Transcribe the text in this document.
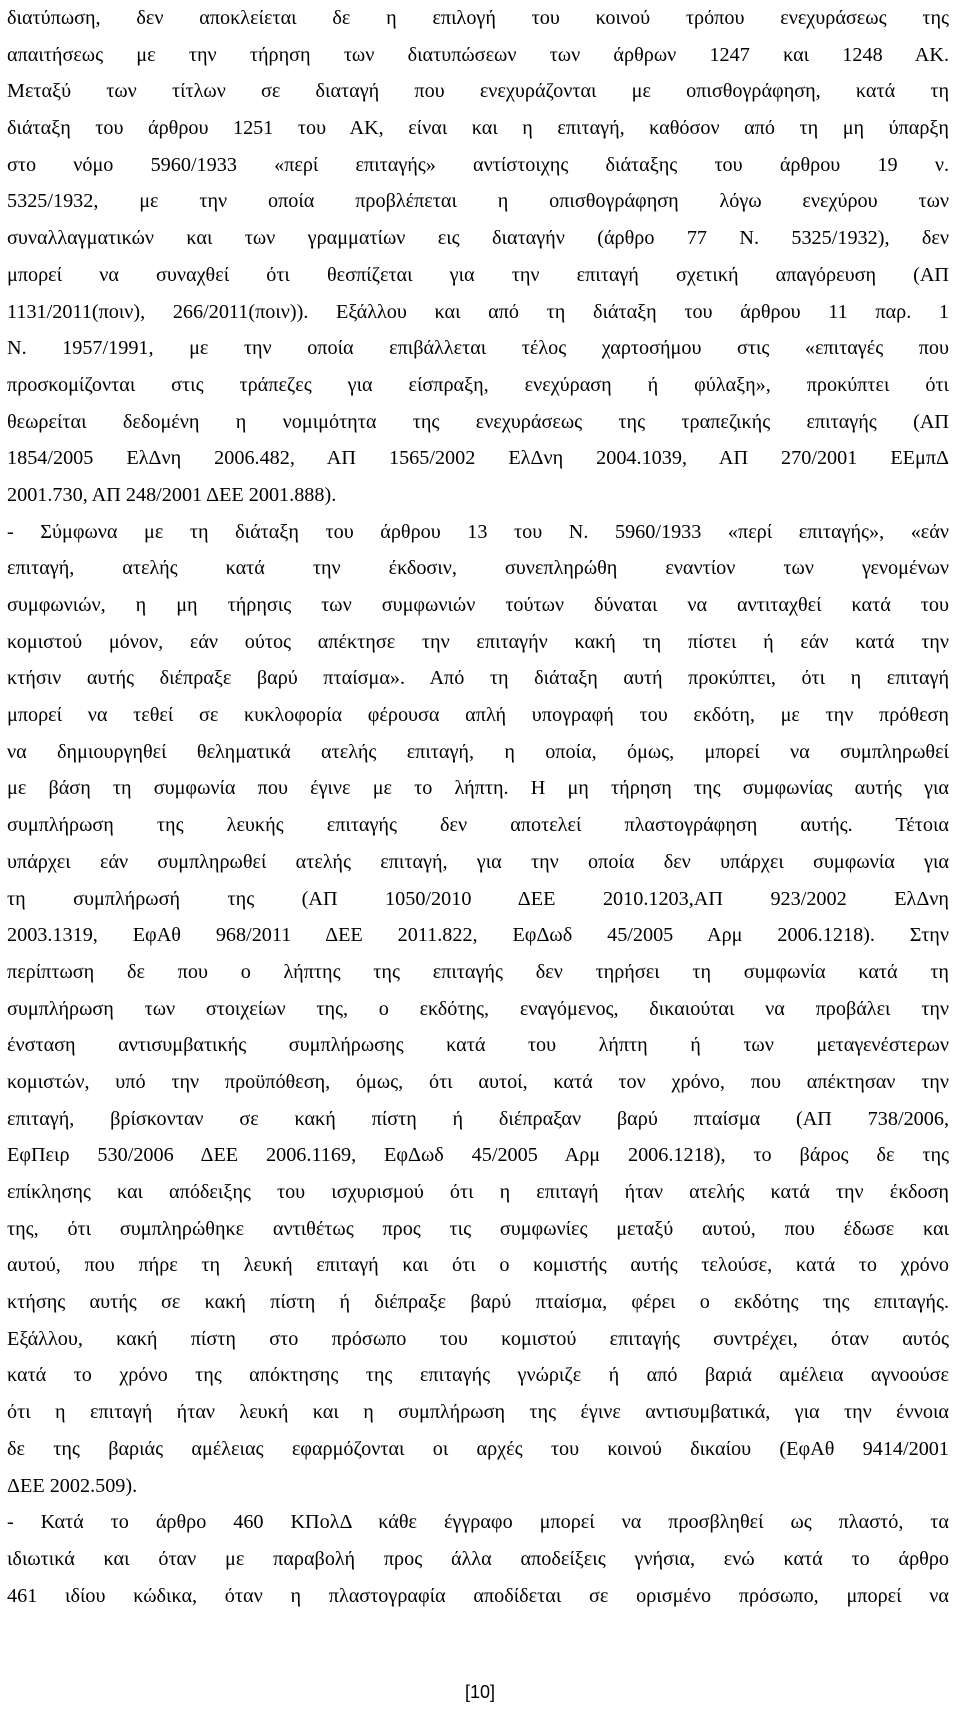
διατύπωση, δεν αποκλείεται δε η επιλογή του κοινού τρόπου ενεχυράσεως της
απαιτήσεως με την τήρηση των διατυπώσεων των άρθρων 1247 και 1248 ΑΚ.
Μεταξύ των τίτλων σε διαταγή που ενεχυράζονται με οπισθογράφηση, κατά τη
διάταξη του άρθρου 1251 του ΑΚ, είναι και η επιταγή, καθόσον από τη μη ύπαρξη
στο νόμο 5960/1933 «περί επιταγής» αντίστοιχης διάταξης του άρθρου 19 ν.
5325/1932, με την οποία προβλέπεται η οπισθογράφηση λόγω ενεχύρου των
συναλλαγματικών και των γραμματίων εις διαταγήν (άρθρο 77 Ν. 5325/1932), δεν
μπορεί να συναχθεί ότι θεσπίζεται για την επιταγή σχετική απαγόρευση (ΑΠ
1131/2011(ποιν), 266/2011(ποιν)). Εξάλλου και από τη διάταξη του άρθρου 11 παρ. 1
Ν. 1957/1991, με την οποία επιβάλλεται τέλος χαρτοσήμου στις «επιταγές που
προσκομίζονται στις τράπεζες για είσπραξη, ενεχύραση ή φύλαξη», προκύπτει ότι
θεωρείται δεδομένη η νομιμότητα της ενεχυράσεως της τραπεζικής επιταγής (ΑΠ
1854/2005 ΕλΔνη 2006.482, ΑΠ 1565/2002 ΕλΔνη 2004.1039, ΑΠ 270/2001 ΕΕμπΔ
2001.730, ΑΠ 248/2001 ΔΕΕ 2001.888).
- Σύμφωνα με τη διάταξη του άρθρου 13 του Ν. 5960/1933 «περί επιταγής», «εάν
επιταγή, ατελής κατά την έκδοσιν, συνεπληρώθη εναντίον των γενομένων
συμφωνιών, η μη τήρησις των συμφωνιών τούτων δύναται να αντιταχθεί κατά του
κομιστού μόνον, εάν ούτος απέκτησε την επιταγήν κακή τη πίστει ή εάν κατά την
κτήσιν αυτής διέπραξε βαρύ πταίσμα». Από τη διάταξη αυτή προκύπτει, ότι η επιταγή
μπορεί να τεθεί σε κυκλοφορία φέρουσα απλή υπογραφή του εκδότη, με την πρόθεση
να δημιουργηθεί θεληματικά ατελής επιταγή, η οποία, όμως, μπορεί να συμπληρωθεί
με βάση τη συμφωνία που έγινε με το λήπτη. Η μη τήρηση της συμφωνίας αυτής για
συμπλήρωση της λευκής επιταγής δεν αποτελεί πλαστογράφηση αυτής. Τέτοια
υπάρχει εάν συμπληρωθεί ατελής επιταγή, για την οποία δεν υπάρχει συμφωνία για
τη συμπλήρωσή της (ΑΠ 1050/2010 ΔΕΕ 2010.1203,ΑΠ 923/2002 ΕλΔνη
2003.1319, ΕφΑθ 968/2011 ΔΕΕ 2011.822, ΕφΔωδ 45/2005 Αρμ 2006.1218). Στην
περίπτωση δε που ο λήπτης της επιταγής δεν τηρήσει τη συμφωνία κατά τη
συμπλήρωση των στοιχείων της, ο εκδότης, εναγόμενος, δικαιούται να προβάλει την
ένσταση αντισυμβατικής συμπλήρωσης κατά του λήπτη ή των μεταγενέστερων
κομιστών, υπό την προϋπόθεση, όμως, ότι αυτοί, κατά τον χρόνο, που απέκτησαν την
επιταγή, βρίσκονταν σε κακή πίστη ή διέπραξαν βαρύ πταίσμα (ΑΠ 738/2006,
ΕφΠειρ 530/2006 ΔΕΕ 2006.1169, ΕφΔωδ 45/2005 Αρμ 2006.1218), το βάρος δε της
επίκλησης και απόδειξης του ισχυρισμού ότι η επιταγή ήταν ατελής κατά την έκδοση
της, ότι συμπληρώθηκε αντιθέτως προς τις συμφωνίες μεταξύ αυτού, που έδωσε και
αυτού, που πήρε τη λευκή επιταγή και ότι ο κομιστής αυτής τελούσε, κατά το χρόνο
κτήσης αυτής σε κακή πίστη ή διέπραξε βαρύ πταίσμα, φέρει ο εκδότης της επιταγής.
Εξάλλου, κακή πίστη στο πρόσωπο του κομιστού επιταγής συντρέχει, όταν αυτός
κατά το χρόνο της απόκτησης της επιταγής γνώριζε ή από βαριά αμέλεια αγνοούσε
ότι η επιταγή ήταν λευκή και η συμπλήρωση της έγινε αντισυμβατικά, για την έννοια
δε της βαριάς αμέλειας εφαρμόζονται οι αρχές του κοινού δικαίου (ΕφΑθ 9414/2001
ΔΕΕ 2002.509).
- Κατά το άρθρο 460 ΚΠολΔ κάθε έγγραφο μπορεί να προσβληθεί ως πλαστό, τα
ιδιωτικά και όταν με παραβολή προς άλλα αποδείξεις γνήσια, ενώ κατά το άρθρο
461 ιδίου κώδικα, όταν η πλαστογραφία αποδίδεται σε ορισμένο πρόσωπο, μπορεί να
[10]
